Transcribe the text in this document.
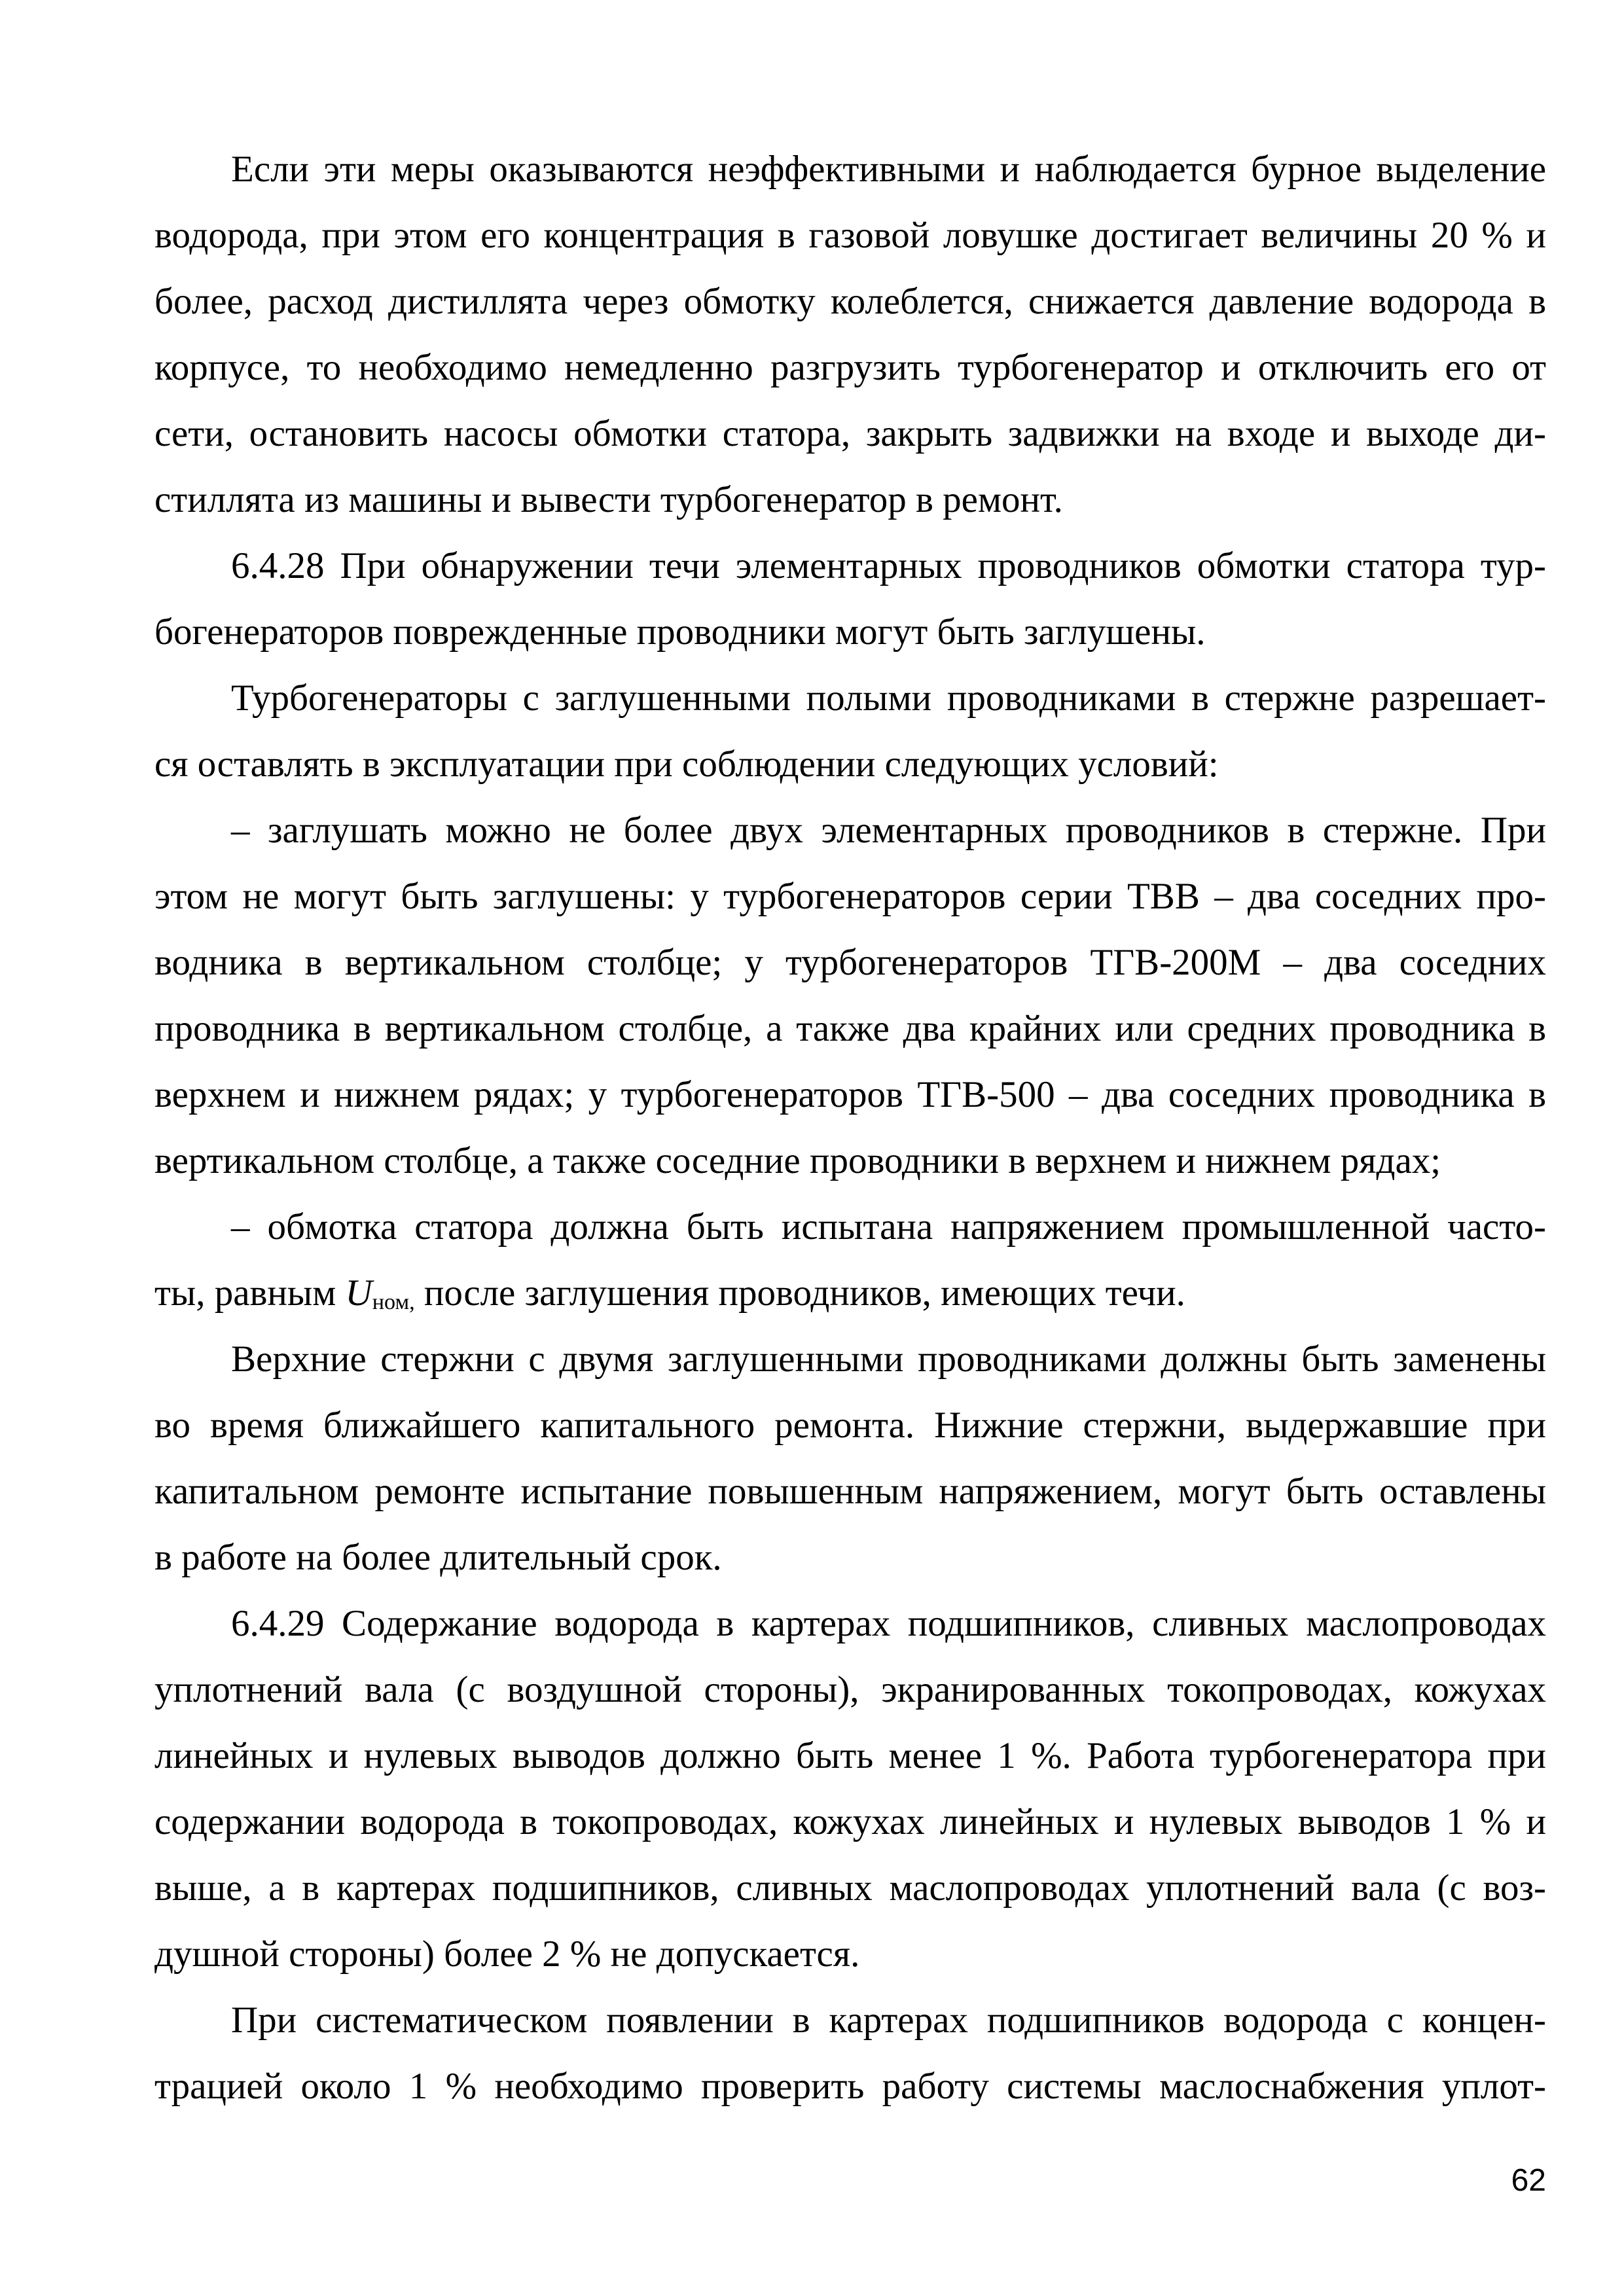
Если эти меры оказываются неэффективными и наблюдается бурное выделение
водорода, при этом его концентрация в газовой ловушке достигает величины 20 % и
более, расход дистиллята через обмотку колеблется, снижается давление водорода в
корпусе, то необходимо немедленно разгрузить турбогенератор и отключить его от
сети, остановить насосы обмотки статора, закрыть задвижки на входе и выходе ди-
стиллята из машины и вывести турбогенератор в ремонт.
6.4.28 При обнаружении течи элементарных проводников обмотки статора тур-
богенераторов поврежденные проводники могут быть заглушены.
Турбогенераторы с заглушенными полыми проводниками в стержне разрешает-
ся оставлять в эксплуатации при соблюдении следующих условий:
– заглушать можно не более двух элементарных проводников в стержне. При
этом не могут быть заглушены: у турбогенераторов серии ТВВ – два соседних про-
водника в вертикальном столбце; у турбогенераторов ТГВ-200М – два соседних
проводника в вертикальном столбце, а также два крайних или средних проводника в
верхнем и нижнем рядах; у турбогенераторов ТГВ-500 – два соседних проводника в
вертикальном столбце, а также соседние проводники в верхнем и нижнем рядах;
– обмотка статора должна быть испытана напряжением промышленной часто-
ты, равным $U_{ном,}$ после заглушения проводников, имеющих течи.
Верхние стержни с двумя заглушенными проводниками должны быть заменены
во время ближайшего капитального ремонта. Нижние стержни, выдержавшие при
капитальном ремонте испытание повышенным напряжением, могут быть оставлены
в работе на более длительный срок.
6.4.29 Содержание водорода в картерах подшипников, сливных маслопроводах
уплотнений вала (с воздушной стороны), экранированных токопроводах, кожухах
линейных и нулевых выводов должно быть менее 1 %. Работа турбогенератора при
содержании водорода в токопроводах, кожухах линейных и нулевых выводов 1 % и
выше, а в картерах подшипников, сливных маслопроводах уплотнений вала (с воз-
душной стороны) более 2 % не допускается.
При систематическом появлении в картерах подшипников водорода с концен-
трацией около 1 % необходимо проверить работу системы маслоснабжения уплот-
62
